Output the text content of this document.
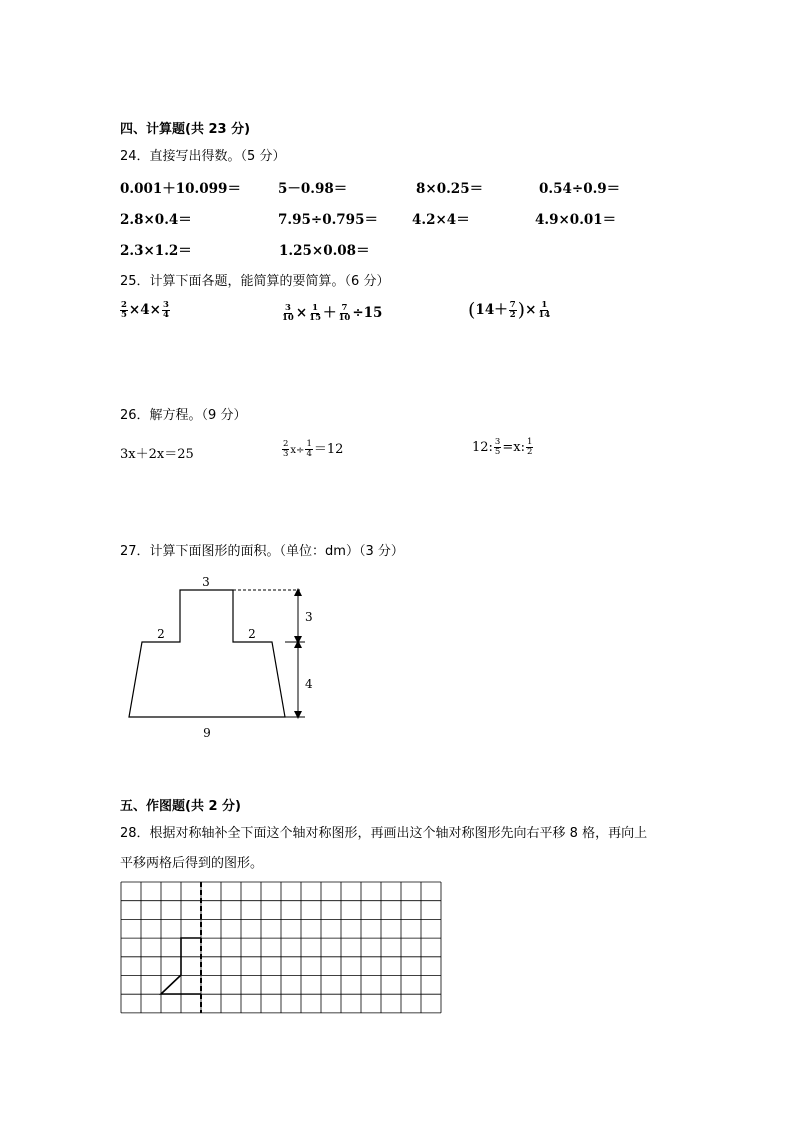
四、计算题(共 23 分)
24．直接写出得数。（5 分）
0.001＋10.099＝	5－0.98＝	8×0.25＝	0.54÷0.9＝
2.8×0.4＝	7.95÷0.795＝	4.2×4＝	4.9×0.01＝
2.3×1.2＝	1.25×0.08＝
25．计算下面各题，能简算的要简算。（6 分）
$\frac{2}{5} \times 4\times \frac{3}{4}$	$\frac{3}{10} \times \frac{1}{15} + \frac{7}{10} \div 15$	($14+ \frac{7}{2}$ )× $\frac{1}{14}$
26．解方程。（9 分）
3x＋2x＝25	$\frac{2}{3} x\div \frac{1}{4} =12$	12: $\frac{3}{5} =x$: $\frac{1}{2}$
27．计算下面图形的面积。（单位：dm）（3 分）
3
2	2
3
4
9
五、作图题(共 2 分)
28．根据对称轴补全下面这个轴对称图形，再画出这个轴对称图形先向右平移 8 格，再向上
平移两格后得到的图形。
